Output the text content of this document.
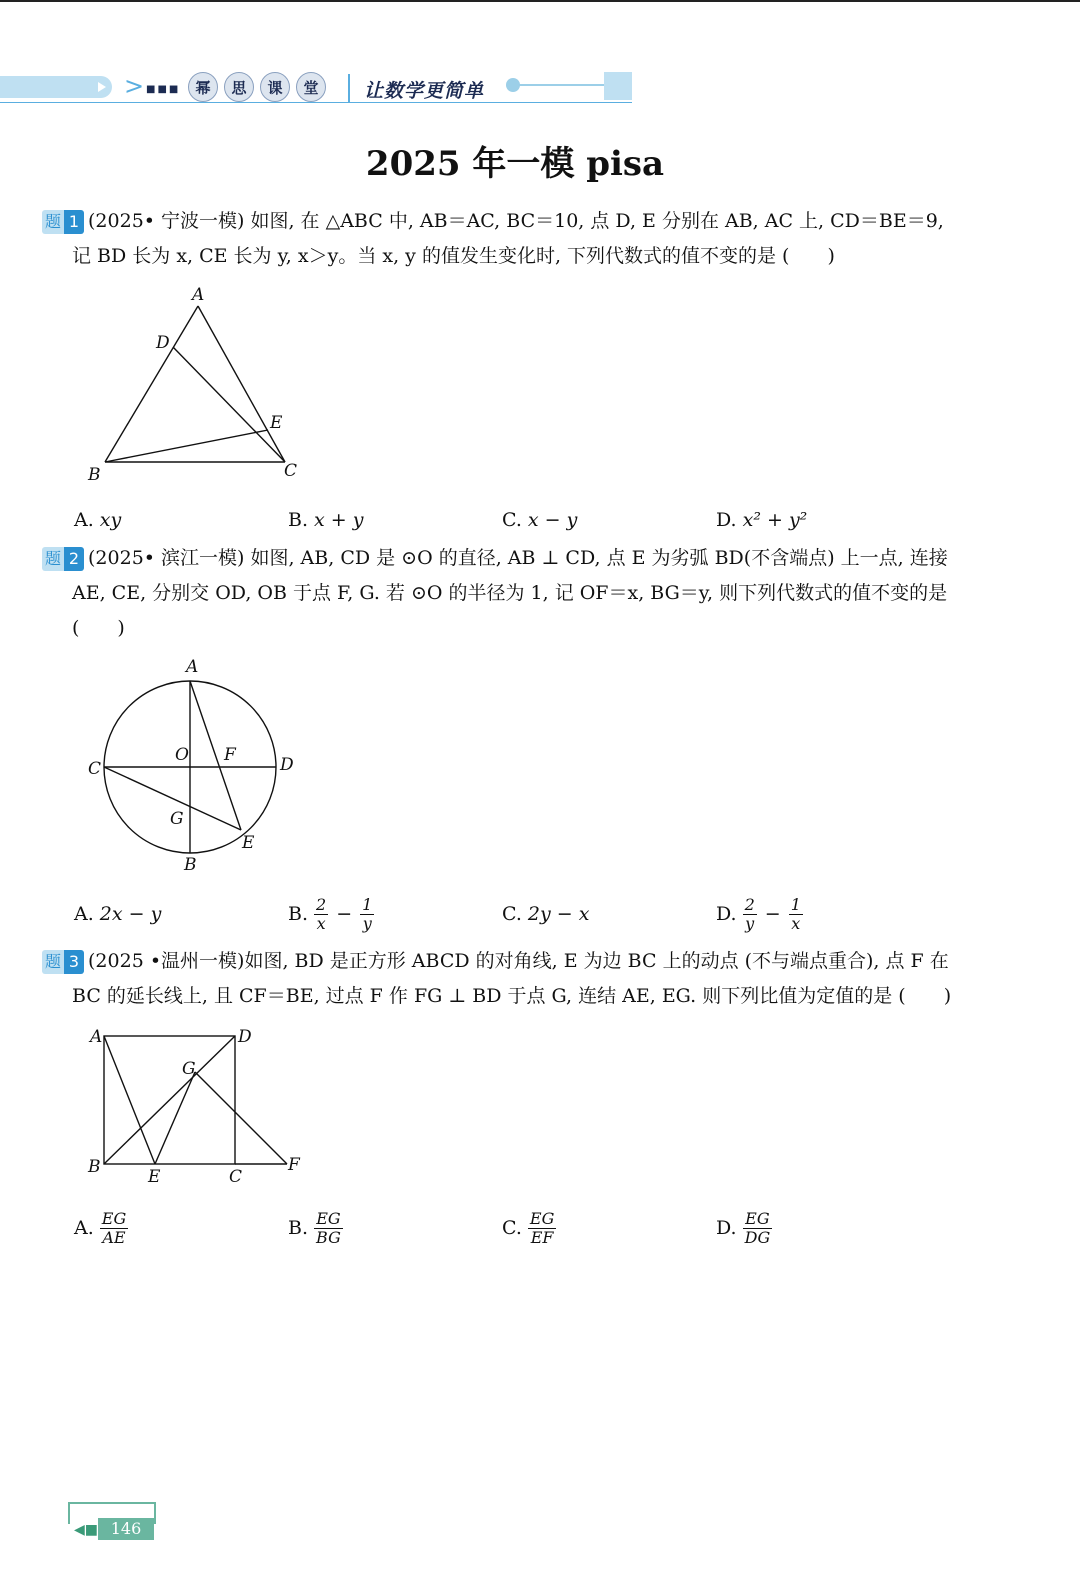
> ■■■	幂	思	课	堂	让数学更简单
2025 年一模 pisa
题 1 (2025• 宁波一模) 如图, 在 △ABC 中, AB＝AC, BC＝10, 点 D, E 分别在 AB, AC 上, CD＝BE＝9,
记 BD 长为 x, CE 长为 y, x＞y。当 x, y 的值发生变化时, 下列代数式的值不变的是 (　　)
A
D
E
B	C
A. xy	B. x + y	C. x − y	D. x² + y²
题 2 (2025• 滨江一模) 如图, AB, CD 是 ⊙O 的直径, AB ⊥ CD, 点 E 为劣弧 BD(不含端点) 上一点, 连接
AE, CE, 分别交 OD, OB 于点 F, G. 若 ⊙O 的半径为 1, 记 OF＝x, BG＝y, 则下列代数式的值不变的是
(　　)
A
O F
C	D
G
E
B
A. 2x − y	B. $\frac{2}{x} - \frac{1}{y}$	C. 2y − x	D. $\frac{2}{y} - \frac{1}{x}$
题 3 (2025 •温州一模)如图, BD 是正方形 ABCD 的对角线, E 为边 BC 上的动点 (不与端点重合), 点 F 在
BC 的延长线上, 且 CF＝BE, 过点 F 作 FG ⊥ BD 于点 G, 连结 AE, EG. 则下列比值为定值的是 (　　)
A	D
G
B	E	C
F
A. $\frac{EG}{AE}$	B. $\frac{EG}{BG}$	C. $\frac{EG}{EF}$	D. $\frac{EG}{DG}$
◀■ 146
